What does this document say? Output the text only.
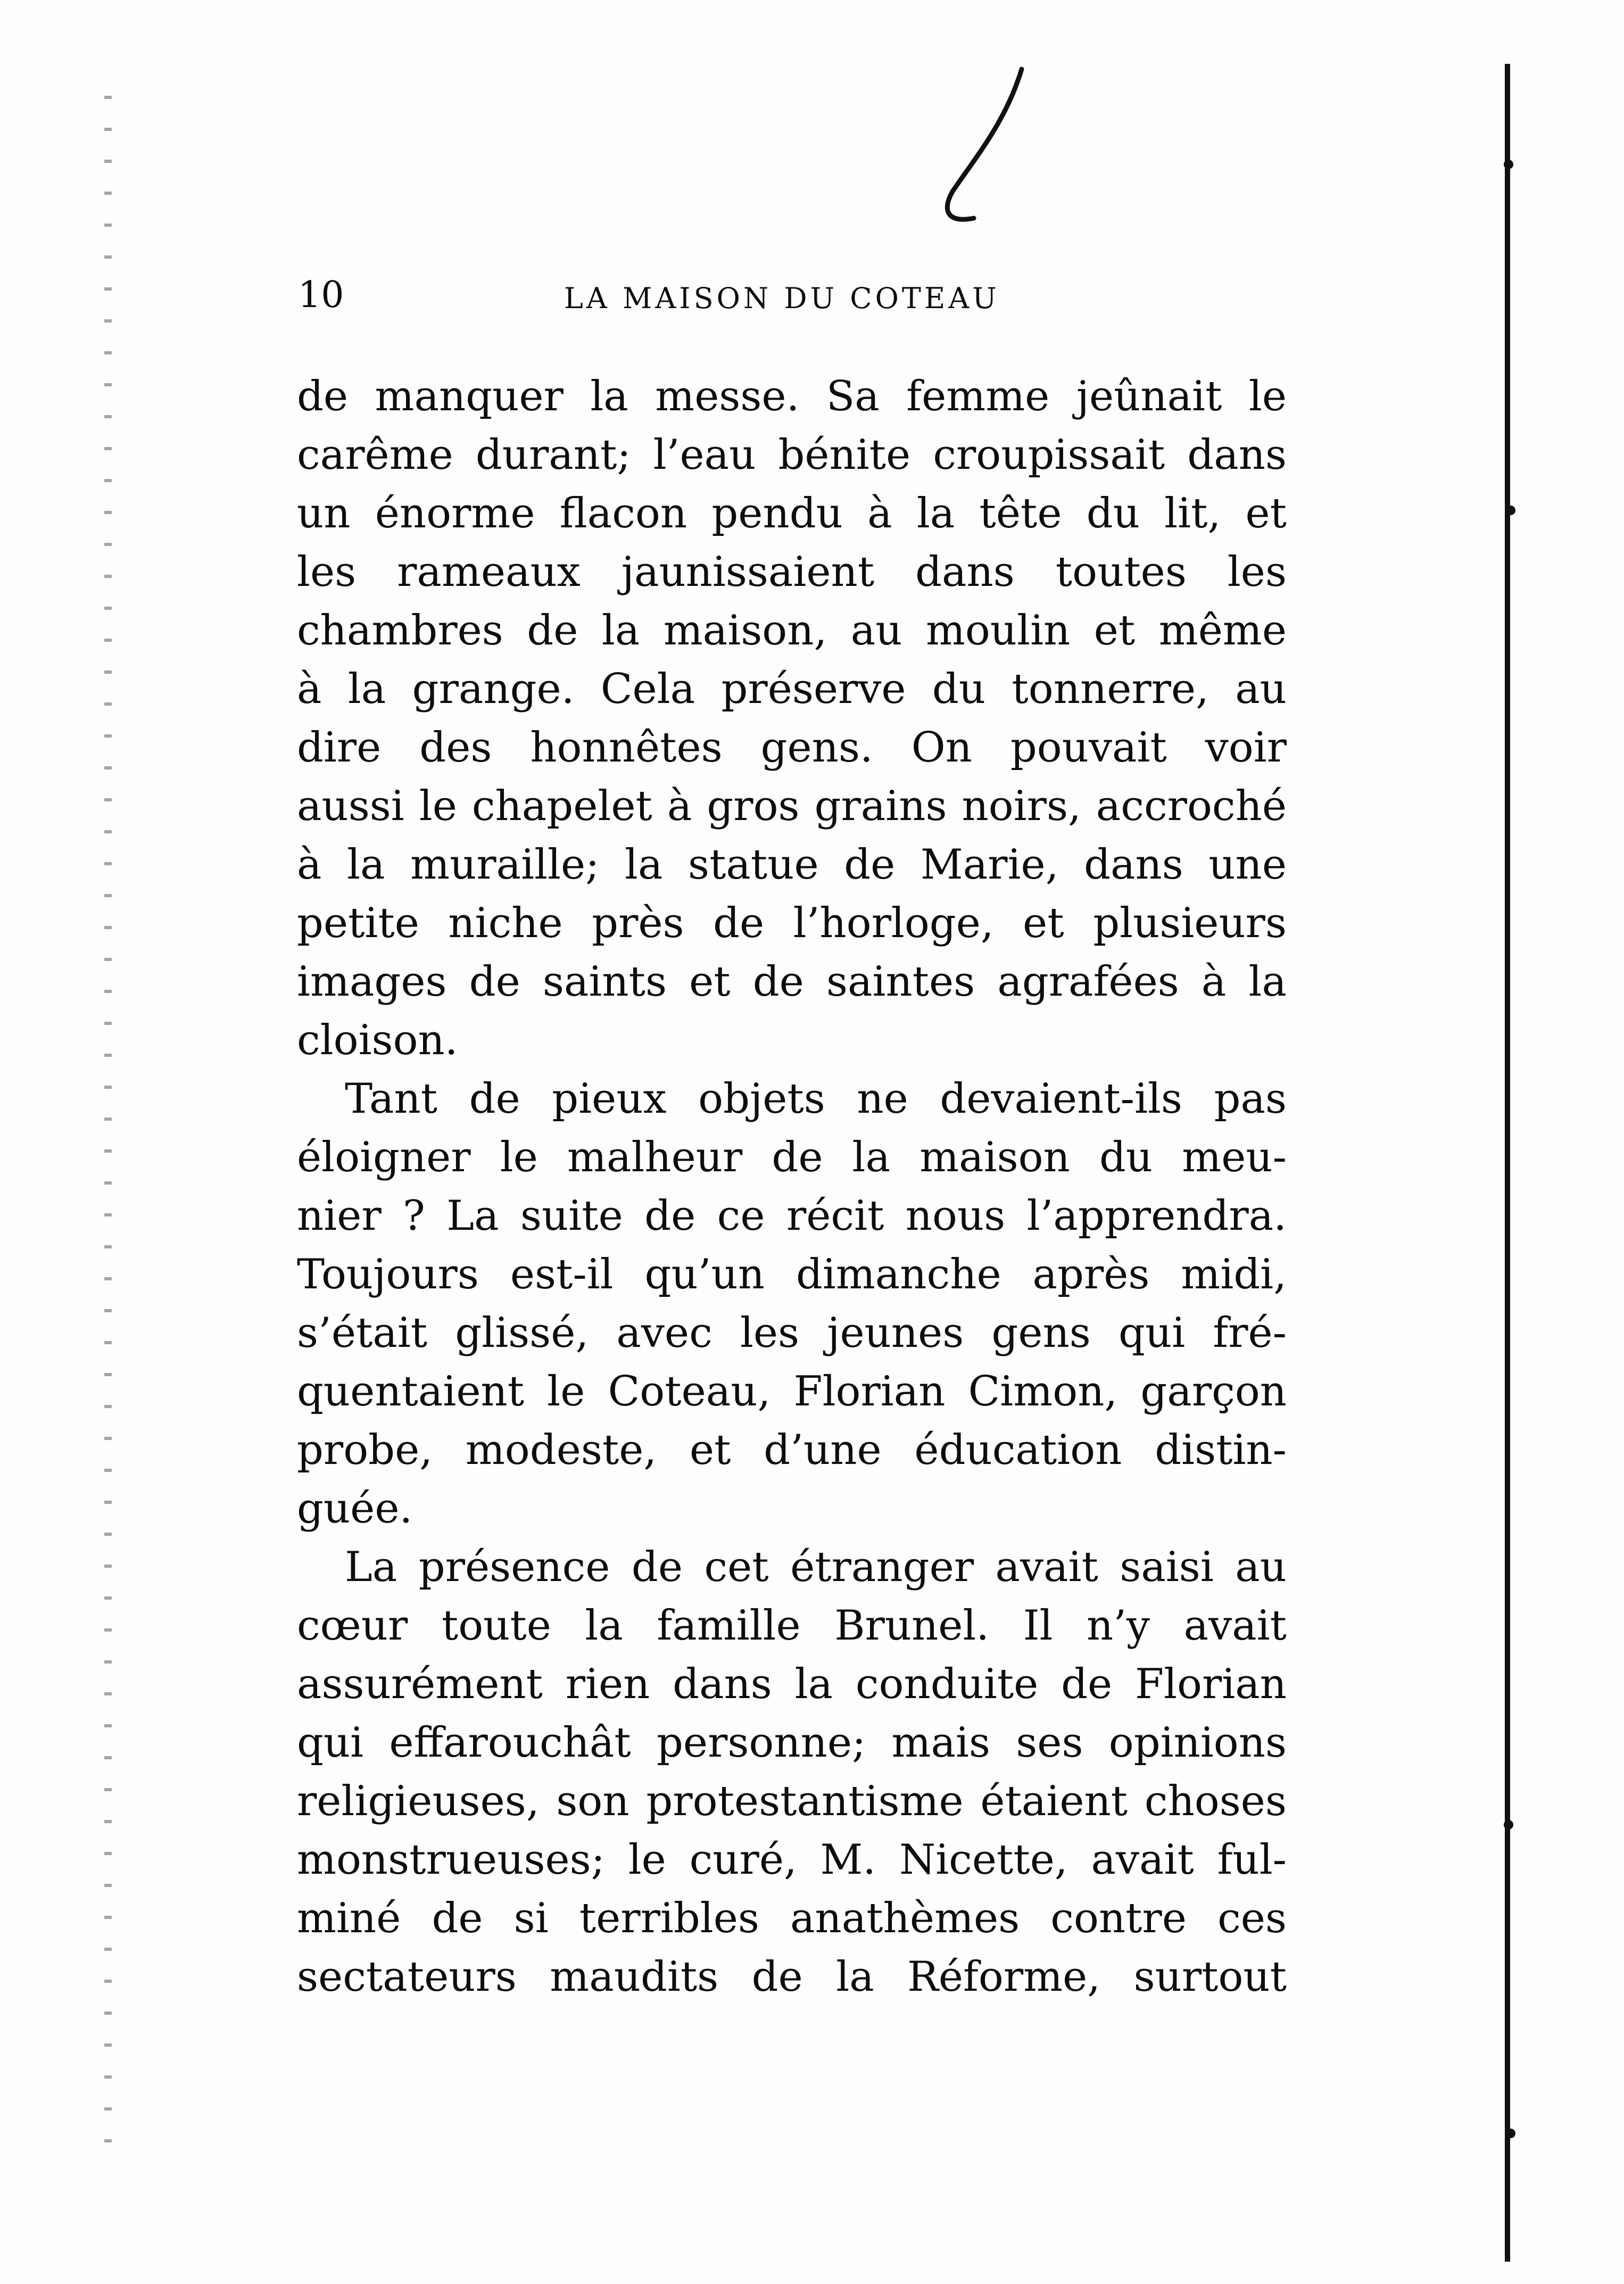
10	LA MAISON DU COTEAU
de manquer la messe. Sa femme jeûnait le
carême durant; l’eau bénite croupissait dans
un énorme flacon pendu à la tête du lit, et
les rameaux jaunissaient dans toutes les
chambres de la maison, au moulin et même
à la grange. Cela préserve du tonnerre, au
dire des honnêtes gens. On pouvait voir
aussi le chapelet à gros grains noirs, accroché
à la muraille; la statue de Marie, dans une
petite niche près de l’horloge, et plusieurs
images de saints et de saintes agrafées à la
cloison.
Tant de pieux objets ne devaient-ils pas
éloigner le malheur de la maison du meu-
nier ? La suite de ce récit nous l’apprendra.
Toujours est-il qu’un dimanche après midi,
s’était glissé, avec les jeunes gens qui fré-
quentaient le Coteau, Florian Cimon, garçon
probe, modeste, et d’une éducation distin-
guée.
La présence de cet étranger avait saisi au
cœur toute la famille Brunel. Il n’y avait
assurément rien dans la conduite de Florian
qui effarouchât personne; mais ses opinions
religieuses, son protestantisme étaient choses
monstrueuses; le curé, M. Nicette, avait ful-
miné de si terribles anathèmes contre ces
sectateurs maudits de la Réforme, surtout
